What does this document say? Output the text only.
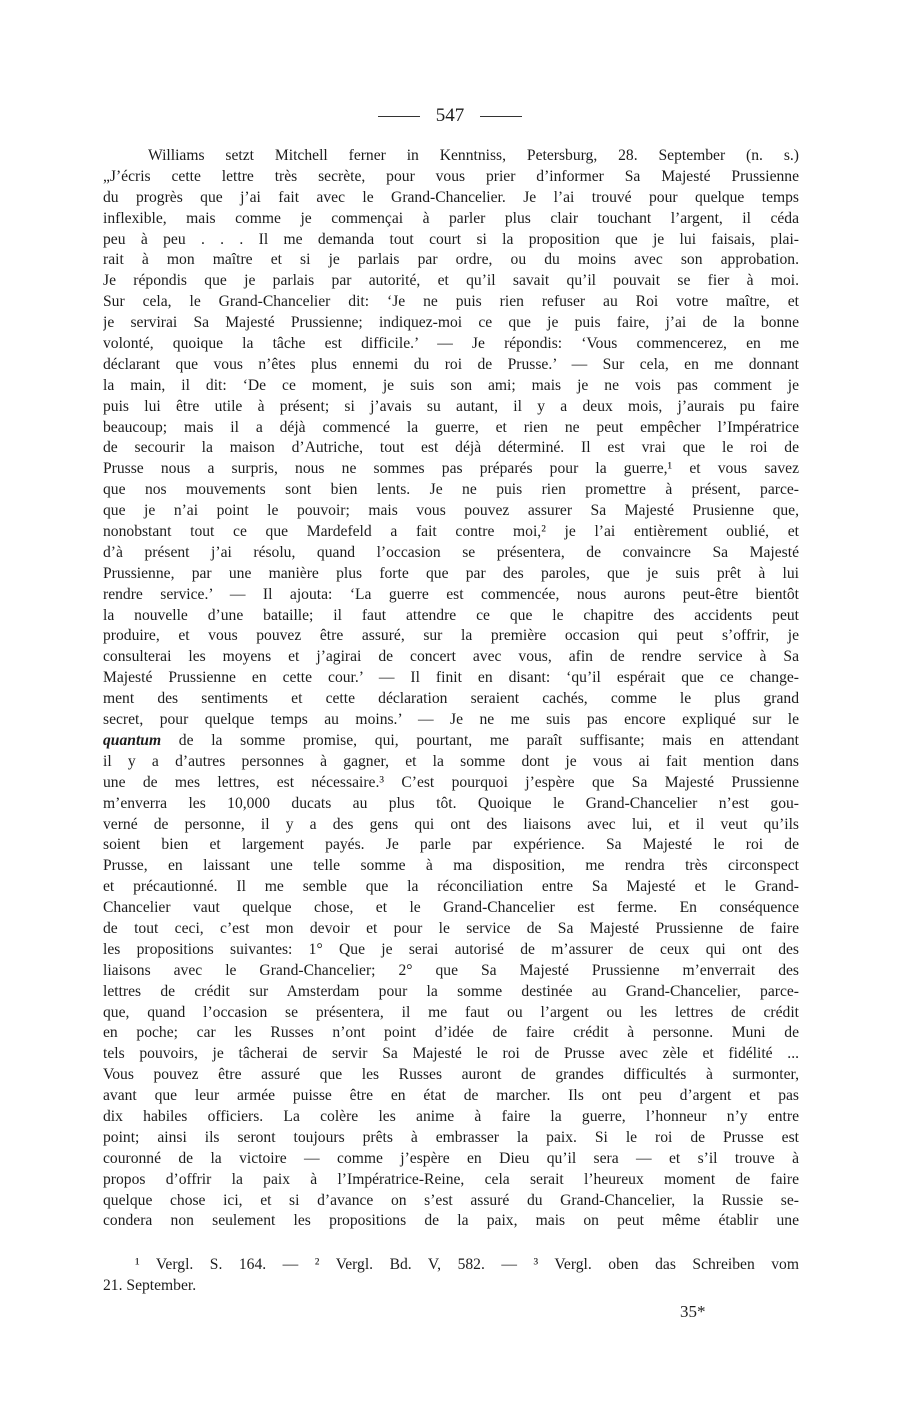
547
Williams setzt Mitchell ferner in Kenntniss, Petersburg, 28. September (n. s.)
„J’écris cette lettre très secrète, pour vous prier d’informer Sa Majesté Prussienne
du progrès que j’ai fait avec le Grand-Chancelier. Je l’ai trouvé pour quelque temps
inflexible, mais comme je commençai à parler plus clair touchant l’argent, il céda
peu à peu . . . Il me demanda tout court si la proposition que je lui faisais, plai-
rait à mon maître et si je parlais par ordre, ou du moins avec son approbation.
Je répondis que je parlais par autorité, et qu’il savait qu’il pouvait se fier à moi.
Sur cela, le Grand-Chancelier dit: ‘Je ne puis rien refuser au Roi votre maître, et
je servirai Sa Majesté Prussienne; indiquez-moi ce que je puis faire, j’ai de la bonne
volonté, quoique la tâche est difficile.’ — Je répondis: ‘Vous commencerez, en me
déclarant que vous n’êtes plus ennemi du roi de Prusse.’ — Sur cela, en me donnant
la main, il dit: ‘De ce moment, je suis son ami; mais je ne vois pas comment je
puis lui être utile à présent; si j’avais su autant, il y a deux mois, j’aurais pu faire
beaucoup; mais il a déjà commencé la guerre, et rien ne peut empêcher l’Impératrice
de secourir la maison d’Autriche, tout est déjà déterminé. Il est vrai que le roi de
Prusse nous a surpris, nous ne sommes pas préparés pour la guerre,¹ et vous savez
que nos mouvements sont bien lents. Je ne puis rien promettre à présent, parce-
que je n’ai point le pouvoir; mais vous pouvez assurer Sa Majesté Prusienne que,
nonobstant tout ce que Mardefeld a fait contre moi,² je l’ai entièrement oublié, et
d’à présent j’ai résolu, quand l’occasion se présentera, de convaincre Sa Majesté
Prussienne, par une manière plus forte que par des paroles, que je suis prêt à lui
rendre service.’ — Il ajouta: ‘La guerre est commencée, nous aurons peut-être bientôt
la nouvelle d’une bataille; il faut attendre ce que le chapitre des accidents peut
produire, et vous pouvez être assuré, sur la première occasion qui peut s’offrir, je
consulterai les moyens et j’agirai de concert avec vous, afin de rendre service à Sa
Majesté Prussienne en cette cour.’ — Il finit en disant: ‘qu’il espérait que ce change-
ment des sentiments et cette déclaration seraient cachés, comme le plus grand
secret, pour quelque temps au moins.’ — Je ne me suis pas encore expliqué sur le
quantum de la somme promise, qui, pourtant, me paraît suffisante; mais en attendant
il y a d’autres personnes à gagner, et la somme dont je vous ai fait mention dans
une de mes lettres, est nécessaire.³ C’est pourquoi j’espère que Sa Majesté Prussienne
m’enverra les 10,000 ducats au plus tôt. Quoique le Grand-Chancelier n’est gou-
verné de personne, il y a des gens qui ont des liaisons avec lui, et il veut qu’ils
soient bien et largement payés. Je parle par expérience. Sa Majesté le roi de
Prusse, en laissant une telle somme à ma disposition, me rendra très circonspect
et précautionné. Il me semble que la réconciliation entre Sa Majesté et le Grand-
Chancelier vaut quelque chose, et le Grand-Chancelier est ferme. En conséquence
de tout ceci, c’est mon devoir et pour le service de Sa Majesté Prussienne de faire
les propositions suivantes: 1° Que je serai autorisé de m’assurer de ceux qui ont des
liaisons avec le Grand-Chancelier; 2° que Sa Majesté Prussienne m’enverrait des
lettres de crédit sur Amsterdam pour la somme destinée au Grand-Chancelier, parce-
que, quand l’occasion se présentera, il me faut ou l’argent ou les lettres de crédit
en poche; car les Russes n’ont point d’idée de faire crédit à personne. Muni de
tels pouvoirs, je tâcherai de servir Sa Majesté le roi de Prusse avec zèle et fidélité ...
Vous pouvez être assuré que les Russes auront de grandes difficultés à surmonter,
avant que leur armée puisse être en état de marcher. Ils ont peu d’argent et pas
dix habiles officiers. La colère les anime à faire la guerre, l’honneur n’y entre
point; ainsi ils seront toujours prêts à embrasser la paix. Si le roi de Prusse est
couronné de la victoire — comme j’espère en Dieu qu’il sera — et s’il trouve à
propos d’offrir la paix à l’Impératrice-Reine, cela serait l’heureux moment de faire
quelque chose ici, et si d’avance on s’est assuré du Grand-Chancelier, la Russie se-
condera non seulement les propositions de la paix, mais on peut même établir une
¹ Vergl. S. 164. — ² Vergl. Bd. V, 582. — ³ Vergl. oben das Schreiben vom
21. September.
35*
